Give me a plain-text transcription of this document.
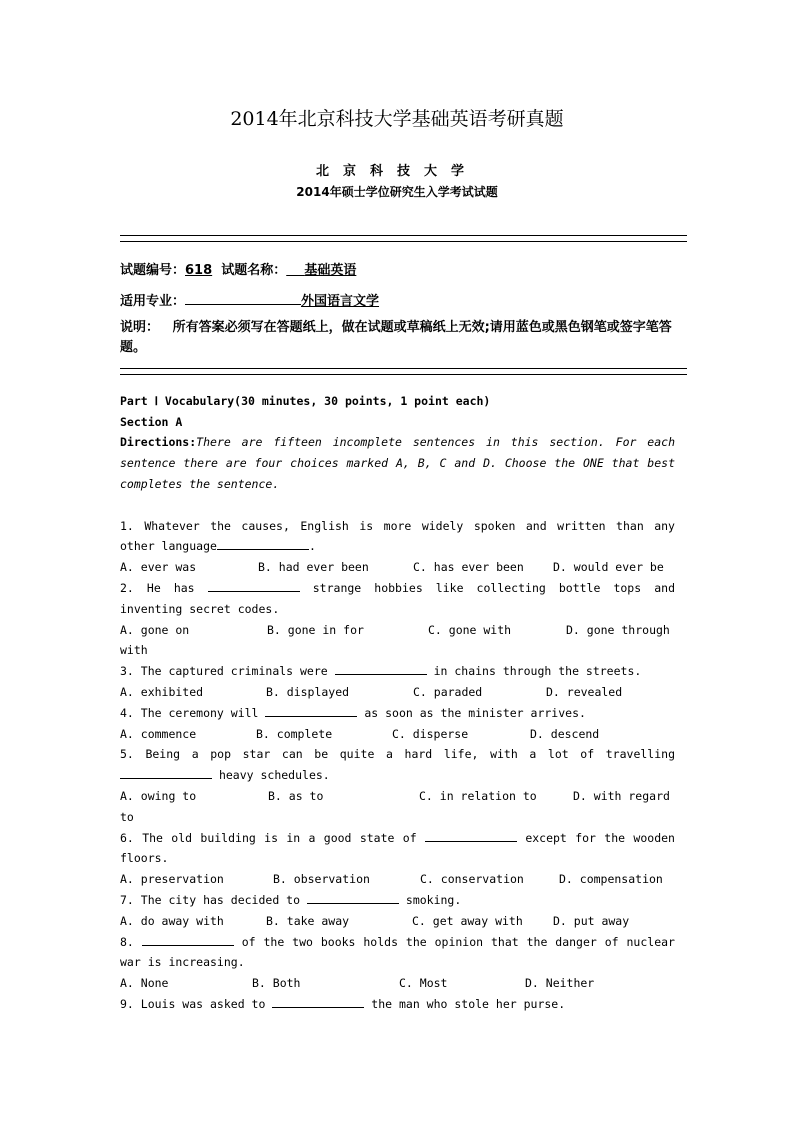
2014年北京科技大学基础英语考研真题
北京科技大学
2014年硕士学位研究生入学考试试题
试题编号：618 试题名称： 基础英语
适用专业：	外国语言文学
说明： 所有答案必须写在答题纸上，做在试题或草稿纸上无效;请用蓝色或黑色钢笔或签字笔答题。
Part Ⅰ Vocabulary(30 minutes, 30 points, 1 point each)
Section A
Directions:There are fifteen incomplete sentences in this section. For each
sentence there are four choices marked A, B, C and D. Choose the ONE that best
completes the sentence.
1. Whatever the causes, English is more widely spoken and written than any
other language	.
A. ever was	B. had ever been	C. has ever been	D. would ever be
2. He has	strange hobbies like collecting bottle tops and
inventing secret codes.
A. gone on	B. gone in for	C. gone with	D. gone through
with
3. The captured criminals were	in chains through the streets.
A. exhibited	B. displayed	C. paraded	D. revealed
4. The ceremony will	as soon as the minister arrives.
A. commence	B. complete	C. disperse	D. descend
5. Being a pop star can be quite a hard life, with a lot of travelling
heavy schedules.
A. owing to	B. as to	C. in relation to	D. with regard
to
6. The old building is in a good state of	except for the wooden
floors.
A. preservation	B. observation	C. conservation	D. compensation
7. The city has decided to	smoking.
A. do away with	B. take away	C. get away with	D. put away
8.	of the two books holds the opinion that the danger of nuclear
war is increasing.
A. None	B. Both	C. Most	D. Neither
9. Louis was asked to	the man who stole her purse.
